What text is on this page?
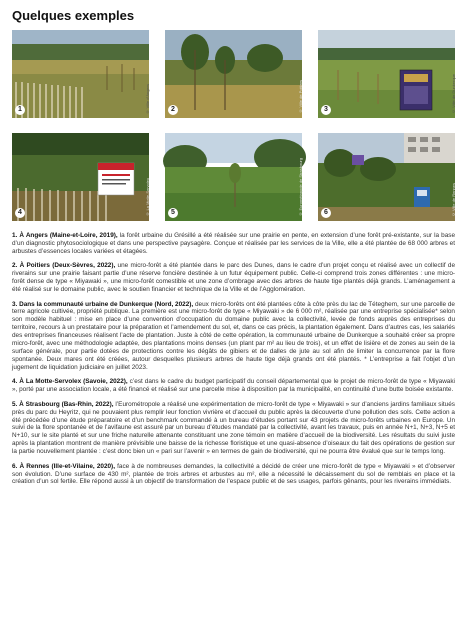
Quelques exemples
1	© Ville d’Angers	2	© Ville de Poitiers	3	© Ville de Dunkerque
4	© La Motte-Servolex	5	© Eurométropole de Strasbourg	6	© Ville de Rennes

1. À Angers (Maine-et-Loire, 2019), la forêt urbaine du Grésillé a été réalisée sur une prairie en pente, en extension d’une forêt pré-existante, sur la base d’un diagnostic phytosociologique et dans une perspective paysagère. Conçue et réalisée par les services de la Ville, elle a été plantée de 68 000 arbres et arbustes d’essences locales variées et étagées.

2. À Poitiers (Deux-Sèvres, 2022), une micro-forêt a été plantée dans le parc des Dunes, dans le cadre d’un projet conçu et réalisé avec un collectif de riverains sur une prairie faisant partie d’une réserve foncière destinée à un futur équipement public. Celle-ci comprend trois zones différentes : une micro-forêt dense de type « Miyawaki », une micro-forêt comestible et une zone d’ombrage avec des arbres de haute tige plantés déjà grands. L’aménagement a été réalisé sur le domaine public, avec le soutien financier et technique de la Ville et de l’Agglomération.

3. Dans la communauté urbaine de Dunkerque (Nord, 2022), deux micro-forêts ont été plantées côte à côte près du lac de Téteghem, sur une parcelle de terre agricole cultivée, propriété publique. La première est une micro-forêt de type « Miyawaki » de 6 000 m², réalisée par une entreprise spécialisée* selon son modèle habituel : mise en place d’une convention d’occupation du domaine public avec la collectivité, levée de fonds auprès des entreprises du territoire, recours à un prestataire pour la préparation et l’amendement du sol, et, dans ce cas précis, la plantation également. Dans d’autres cas, les salariés des entreprises financeuses réalisent l’acte de plantation. Juste à côté de cette opération, la communauté urbaine de Dunkerque a souhaité créer sa propre micro-forêt, avec une méthodologie adaptée, des plantations moins denses (un plant par m² au lieu de trois), et un effet de lisière et de zones au sein de la surface générale, pour partie dotées de protections contre les dégâts de gibiers et de dalles de jute au sol afin de limiter la concurrence par la flore spontanée. Deux mares ont été créées, autour desquelles plusieurs arbres de haute tige déjà grands ont été plantés. * L’entreprise a fait l’objet d’un jugement de liquidation judiciaire en juillet 2023.

4. À La Motte-Servolex (Savoie, 2022), c’est dans le cadre du budget participatif du conseil départemental que le projet de micro-forêt de type « Miyawaki », porté par une association locale, a été financé et réalisé sur une parcelle mise à disposition par la municipalité, en continuité d’une butte boisée existante.

5. À Strasbourg (Bas-Rhin, 2022), l’Eurométropole a réalisé une expérimentation de micro-forêt de type « Miyawaki » sur d’anciens jardins familiaux situés près du parc du Heyritz, qui ne pouvaient plus remplir leur fonction vivrière et d’accueil du public après la découverte d’une pollution des sols. Cette action a été précédée d’une étude préparatoire et d’un benchmark commandé à un bureau d’études portant sur 43 projets de micro-forêts urbaines en Europe. Un suivi de la flore spontanée et de l’avifaune est assuré par un bureau d’études mandaté par la collectivité, avant les travaux, puis en année N+1, N+3, N+5 et N+10, sur le site planté et sur une friche naturelle attenante constituant une zone témoin en matière d’accueil de la biodiversité. Les résultats du suivi juste après la plantation montrent de manière prévisible une baisse de la richesse floristique et une quasi-absence d’oiseaux du fait des opérations de gestion sur la partie nouvellement plantée : c’est donc bien un « pari sur l’avenir » en termes de gain de biodiversité, qui ne pourra être évalué que sur le temps long.

6. À Rennes (Ille-et-Vilaine, 2020), face à de nombreuses demandes, la collectivité a décidé de créer une micro-forêt de type « Miyawaki » et d’observer son évolution. D’une surface de 430 m², plantée de trois arbres et arbustes au m², elle a nécessité le décaissement du sol de remblais en place et la création d’un sol fertile. Elle répond aussi à un objectif de transformation de l’espace public et de ses usages, parfois gênants, pour les riverains immédiats.
